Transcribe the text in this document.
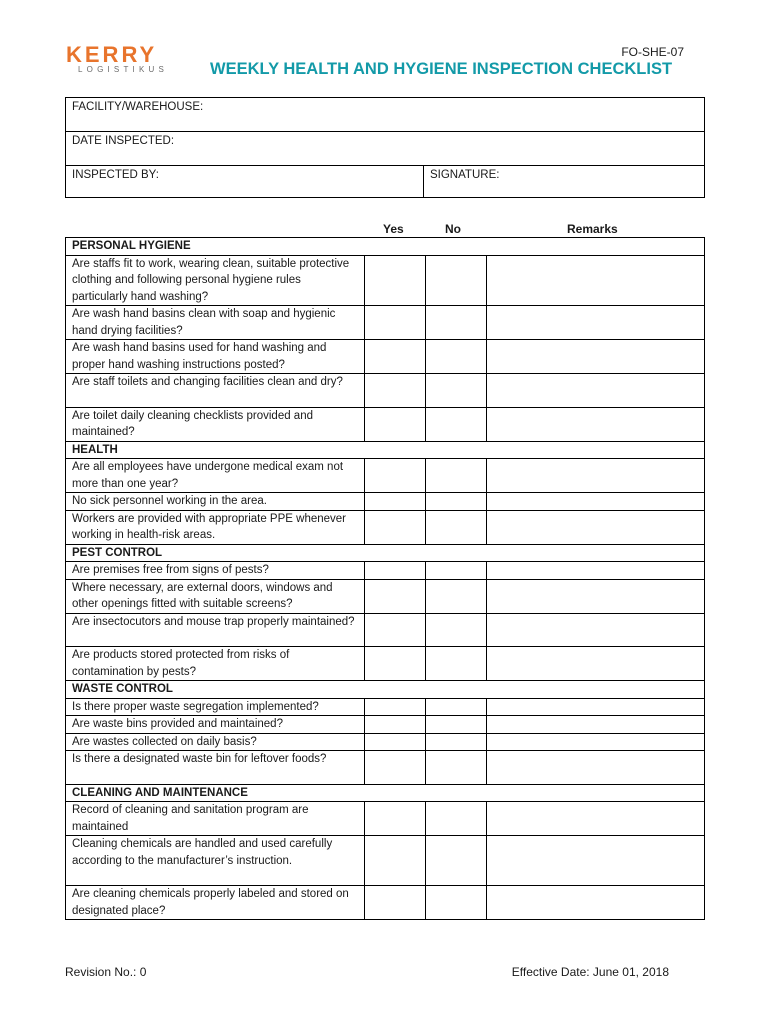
KERRY
LOGISTIKUS
FO-SHE-07
WEEKLY HEALTH AND HYGIENE INSPECTION CHECKLIST
FACILITY/WAREHOUSE:
DATE INSPECTED:
INSPECTED BY:	SIGNATURE:
Yes	No	Remarks
PERSONAL HYGIENE			
Are staffs fit to work, wearing clean, suitable protective clothing and following personal hygiene rules particularly hand washing?			
Are wash hand basins clean with soap and hygienic hand drying facilities?			
Are wash hand basins used for hand washing and proper hand washing instructions posted?			
Are staff toilets and changing facilities clean and dry?			
Are toilet daily cleaning checklists provided and maintained?			
HEALTH			
Are all employees have undergone medical exam not more than one year?			
No sick personnel working in the area.			
Workers are provided with appropriate PPE whenever working in health-risk areas.			
PEST CONTROL			
Are premises free from signs of pests?			
Where necessary, are external doors, windows and other openings fitted with suitable screens?			
Are insectocutors and mouse trap properly maintained?			
Are products stored protected from risks of contamination by pests?			
WASTE CONTROL			
Is there proper waste segregation implemented?			
Are waste bins provided and maintained?			
Are wastes collected on daily basis?			
Is there a designated waste bin for leftover foods?			
CLEANING AND MAINTENANCE			
Record of cleaning and sanitation program are maintained			
Cleaning chemicals are handled and used carefully according to the manufacturer’s instruction.			
Are cleaning chemicals properly labeled and stored on designated place?			
Revision No.: 0	Effective Date: June 01, 2018
